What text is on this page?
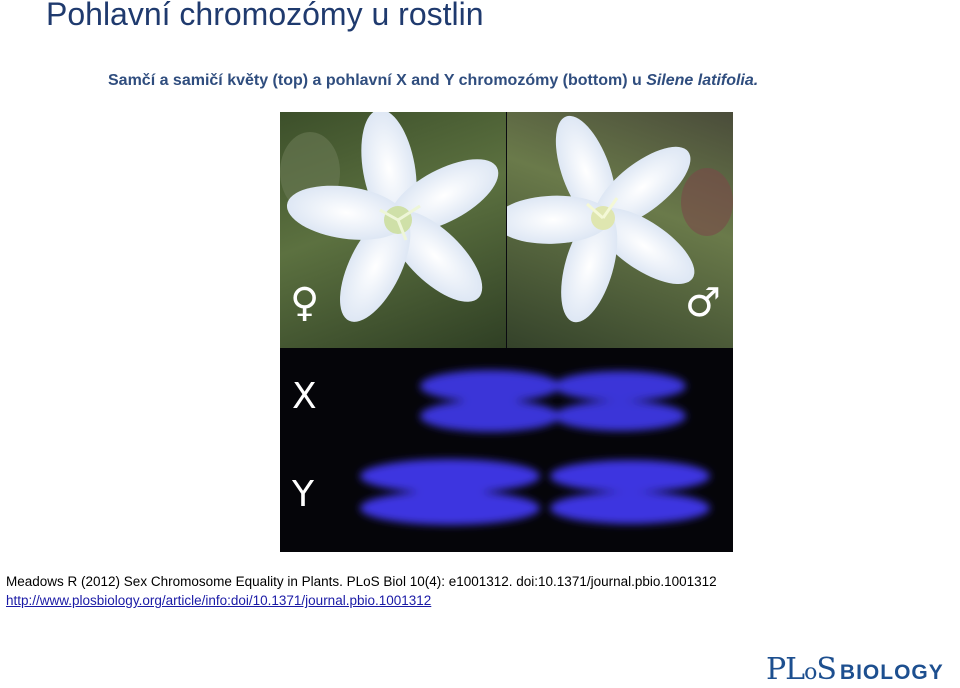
Pohlavní chromozómy u rostlin
Samčí a samičí květy (top) a pohlavní X and Y chromozómy (bottom) u Silene latifolia.
♀	♂
X
Y
Meadows R (2012) Sex Chromosome Equality in Plants. PLoS Biol 10(4): e1001312. doi:10.1371/journal.pbio.1001312
http://www.plosbiology.org/article/info:doi/10.1371/journal.pbio.1001312
PLoS BIOLOGY
